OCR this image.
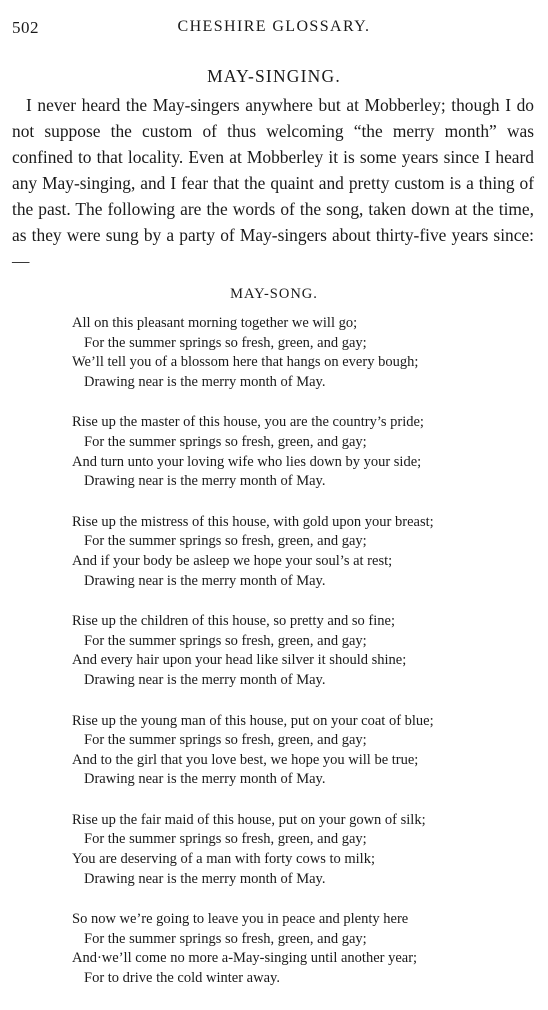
502	CHESHIRE GLOSSARY.
MAY-SINGING.

I never heard the May-singers anywhere but at Mobberley; though I do not suppose the custom of thus welcoming “the merry month” was confined to that locality. Even at Mobberley it is some years since I heard any May-singing, and I fear that the quaint and pretty custom is a thing of the past. The following are the words of the song, taken down at the time, as they were sung by a party of May-singers about thirty-five years since:—

MAY-SONG.
All on this pleasant morning together we will go;
For the summer springs so fresh, green, and gay;
We’ll tell you of a blossom here that hangs on every bough;
Drawing near is the merry month of May.
Rise up the master of this house, you are the country’s pride;
For the summer springs so fresh, green, and gay;
And turn unto your loving wife who lies down by your side;
Drawing near is the merry month of May.
Rise up the mistress of this house, with gold upon your breast;
For the summer springs so fresh, green, and gay;
And if your body be asleep we hope your soul’s at rest;
Drawing near is the merry month of May.
Rise up the children of this house, so pretty and so fine;
For the summer springs so fresh, green, and gay;
And every hair upon your head like silver it should shine;
Drawing near is the merry month of May.
Rise up the young man of this house, put on your coat of blue;
For the summer springs so fresh, green, and gay;
And to the girl that you love best, we hope you will be true;
Drawing near is the merry month of May.
Rise up the fair maid of this house, put on your gown of silk;
For the summer springs so fresh, green, and gay;
You are deserving of a man with forty cows to milk;
Drawing near is the merry month of May.
So now we’re going to leave you in peace and plenty here
For the summer springs so fresh, green, and gay;
And·we’ll come no more a-May-singing until another year;
For to drive the cold winter away.
